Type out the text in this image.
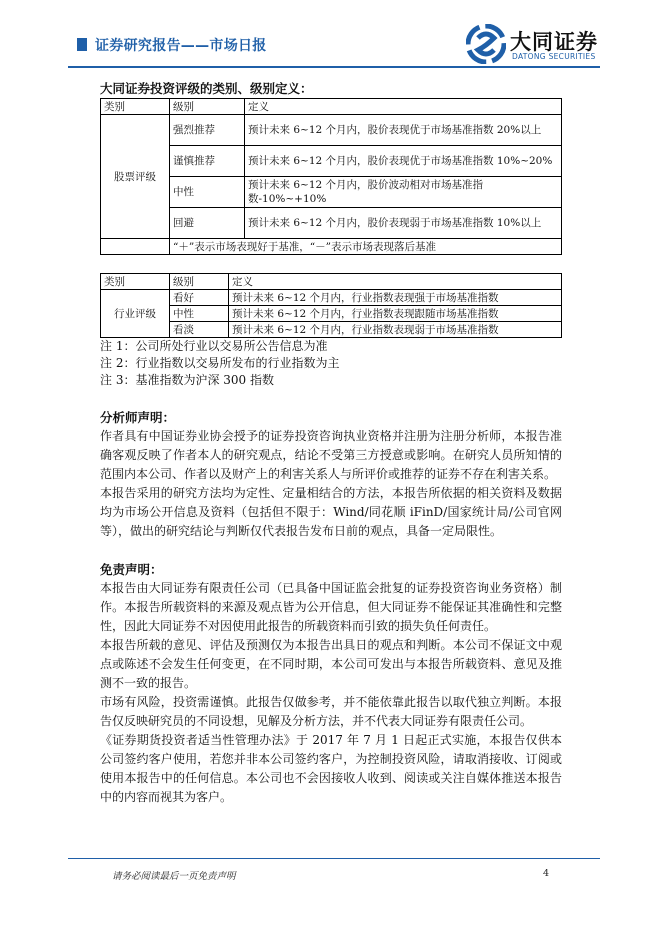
证券研究报告——市场日报	大同证券
DATONG SECURITIES
大同证券投资评级的类别、级别定义：
类别	级别	定义
股票评级	强烈推荐	预计未来 6~12 个月内，股价表现优于市场基准指数 20%以上
	谨慎推荐	预计未来 6~12 个月内，股价表现优于市场基准指数 10%~20%
	中性	预计未来 6~12 个月内，股价波动相对市场基准指数-10%~+10%
	回避	预计未来 6~12 个月内，股价表现弱于市场基准指数 10%以上
	“＋”表示市场表现好于基准，“－”表示市场表现落后基准	
类别	级别	定义
行业评级	看好	预计未来 6~12 个月内，行业指数表现强于市场基准指数
	中性	预计未来 6~12 个月内，行业指数表现跟随市场基准指数
	看淡	预计未来 6~12 个月内，行业指数表现弱于市场基准指数

注 1：公司所处行业以交易所公告信息为准

注 2：行业指数以交易所发布的行业指数为主

注 3：基准指数为沪深 300 指数

分析师声明：

作者具有中国证券业协会授予的证券投资咨询执业资格并注册为注册分析师，本报告准确客观反映了作者本人的研究观点，结论不受第三方授意或影响。在研究人员所知情的范围内本公司、作者以及财产上的利害关系人与所评价或推荐的证券不存在利害关系。

本报告采用的研究方法均为定性、定量相结合的方法，本报告所依据的相关资料及数据均为市场公开信息及资料（包括但不限于：Wind/同花顺 iFinD/国家统计局/公司官网等），做出的研究结论与判断仅代表报告发布日前的观点，具备一定局限性。

免责声明：

本报告由大同证券有限责任公司（已具备中国证监会批复的证券投资咨询业务资格）制作。本报告所载资料的来源及观点皆为公开信息，但大同证券不能保证其准确性和完整性，因此大同证券不对因使用此报告的所载资料而引致的损失负任何责任。

本报告所载的意见、评估及预测仅为本报告出具日的观点和判断。本公司不保证文中观点或陈述不会发生任何变更，在不同时期，本公司可发出与本报告所载资料、意见及推测不一致的报告。

市场有风险，投资需谨慎。此报告仅做参考，并不能依靠此报告以取代独立判断。本报告仅反映研究员的不同设想，见解及分析方法，并不代表大同证券有限责任公司。

《证券期货投资者适当性管理办法》于 2017 年 7 月 1 日起正式实施，本报告仅供本公司签约客户使用，若您并非本公司签约客户，为控制投资风险，请取消接收、订阅或使用本报告中的任何信息。本公司也不会因接收人收到、阅读或关注自媒体推送本报告中的内容而视其为客户。

请务必阅读最后一页免责声明	4
